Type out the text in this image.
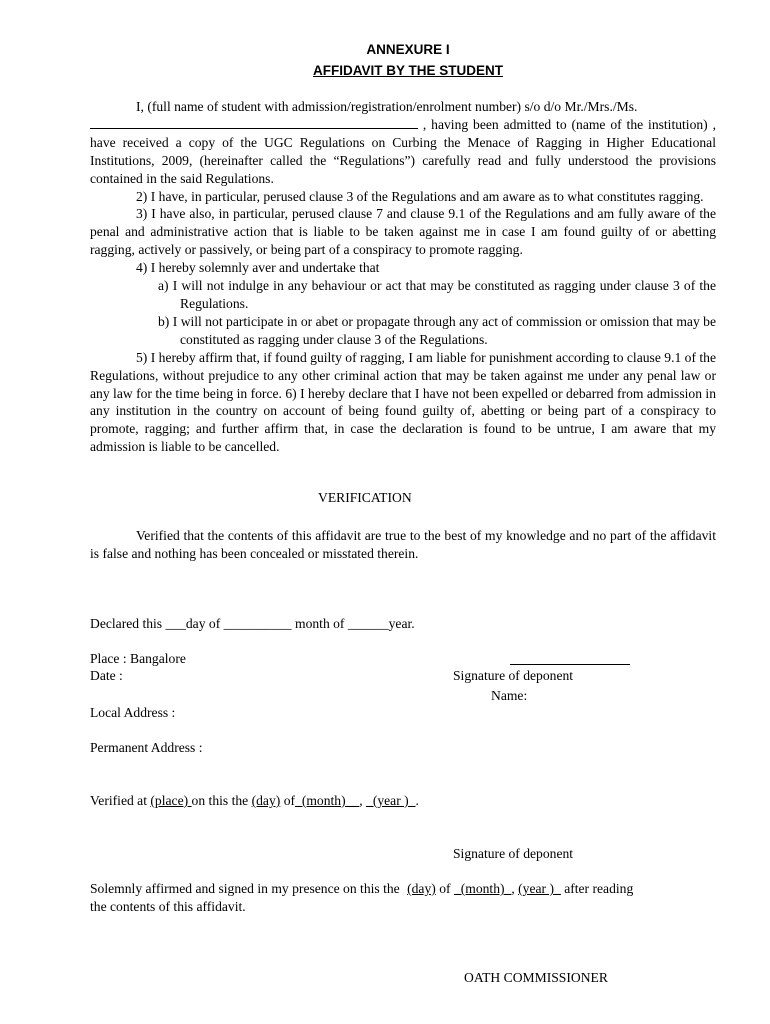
ANNEXURE I
AFFIDAVIT BY THE STUDENT

I, (full name of student with admission/registration/enrolment number) s/o d/o Mr./Mrs./Ms.
, having been admitted to (name of the institution) , have received a copy of the UGC Regulations on Curbing the Menace of Ragging in Higher Educational Institutions, 2009, (hereinafter called the “Regulations”) carefully read and fully understood the provisions contained in the said Regulations.

2) I have, in particular, perused clause 3 of the Regulations and am aware as to what constitutes ragging.

3) I have also, in particular, perused clause 7 and clause 9.1 of the Regulations and am fully aware of the penal and administrative action that is liable to be taken against me in case I am found guilty of or abetting ragging, actively or passively, or being part of a conspiracy to promote ragging.

4) I hereby solemnly aver and undertake that

a) I will not indulge in any behaviour or act that may be constituted as ragging under clause 3 of the Regulations.
b) I will not participate in or abet or propagate through any act of commission or omission that may be constituted as ragging under clause 3 of the Regulations.

5) I hereby affirm that, if found guilty of ragging, I am liable for punishment according to clause 9.1 of the Regulations, without prejudice to any other criminal action that may be taken against me under any penal law or any law for the time being in force. 6) I hereby declare that I have not been expelled or debarred from admission in any institution in the country on account of being found guilty of, abetting or being part of a conspiracy to promote, ragging; and further affirm that, in case the declaration is found to be untrue, I am aware that my admission is liable to be cancelled.

VERIFICATION

Verified that the contents of this affidavit are true to the best of my knowledge and no part of the affidavit is false and nothing has been concealed or misstated therein.

Declared this ___day of __________ month of ______year.
Place : Bangalore
Date :	Signature of deponent
Name:
Local Address :
Permanent Address :
Verified at (place) on this the (day) of_(month)__, _(year )_.
Signature of deponent
Solemnly affirmed and signed in my presence on this the (day) of _(month)_, (year )_ after reading
the contents of this affidavit.
OATH COMMISSIONER
